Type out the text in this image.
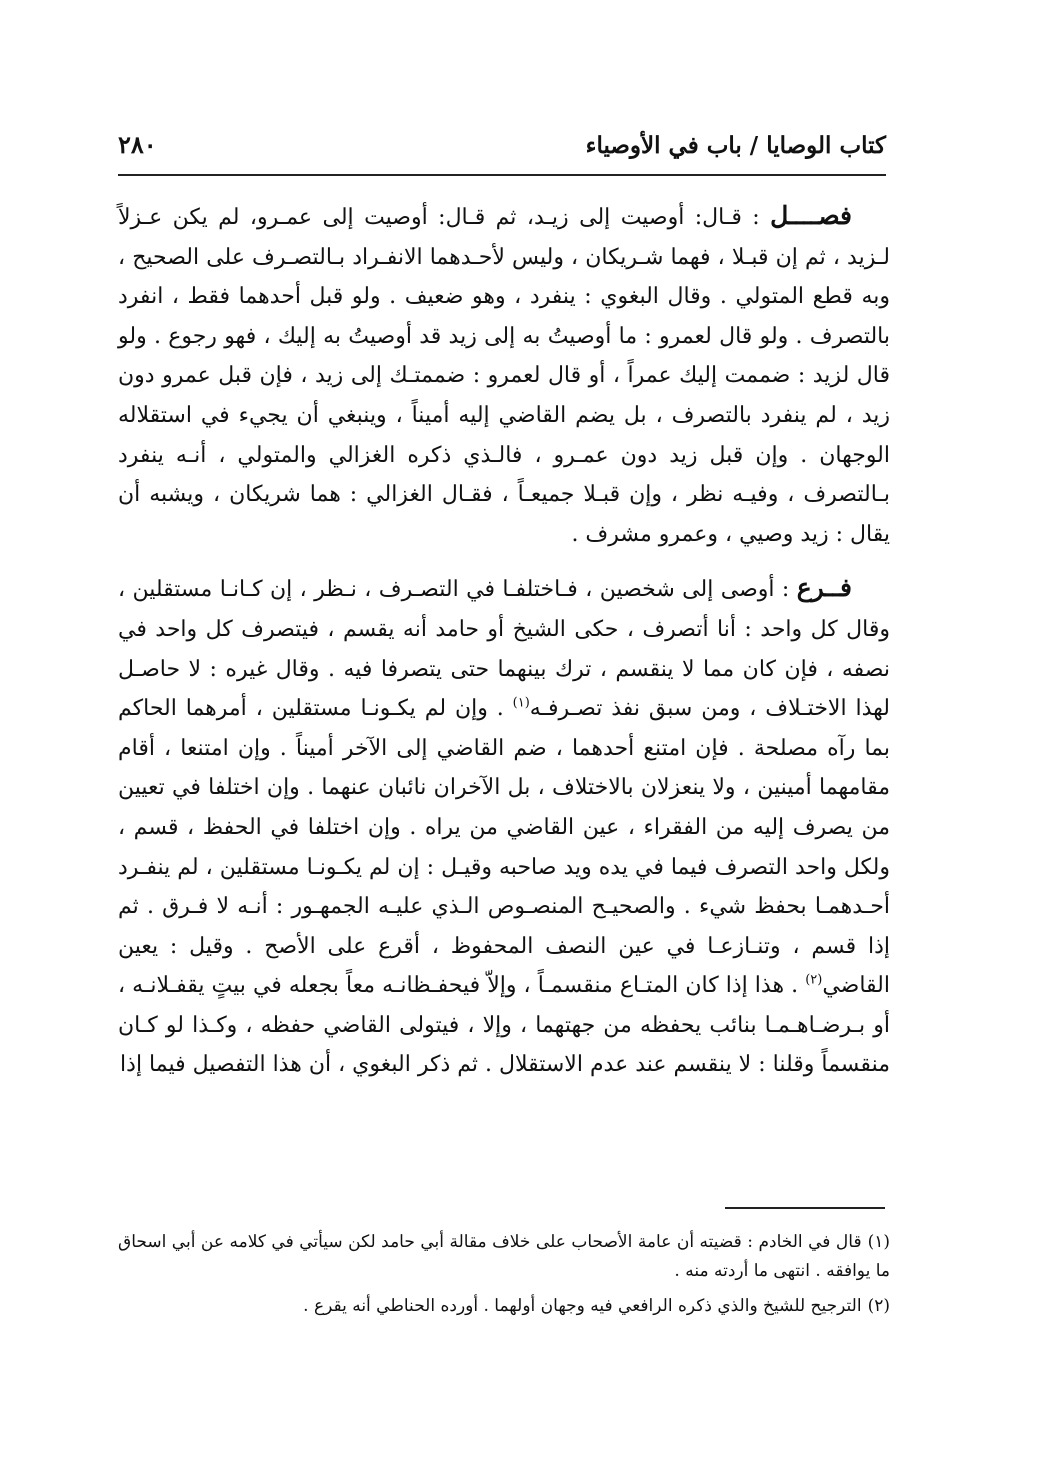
كتاب الوصايا / باب في الأوصياء
٢٨٠

فصــــل : قـال: أوصيت إلى زيـد، ثم قـال: أوصيت إلى عمـرو، لم يكن عـزلاً لـزيد ، ثم إن قبـلا ، فهما شـريكان ، وليس لأحـدهما الانفـراد بـالتصـرف على الصحيح ، وبه قطع المتولي . وقال البغوي : ينفرد ، وهو ضعيف . ولو قبل أحدهما فقط ، انفرد بالتصرف . ولو قال لعمرو : ما أوصيتُ به إلى زيد قد أوصيتُ به إليك ، فهو رجوع . ولو قال لزيد : ضممت إليك عمراً ، أو قال لعمرو : ضممتـك إلى زيد ، فإن قبل عمرو دون زيد ، لم ينفرد بالتصرف ، بل يضم القاضي إليه أميناً ، وينبغي أن يجيء في استقلاله الوجهان . وإن قبل زيد دون عمـرو ، فالـذي ذكره الغزالي والمتولي ، أنـه ينفرد بـالتصرف ، وفيـه نظر ، وإن قبـلا جميعـاً ، فقـال الغزالي : هما شريكان ، ويشبه أن يقال : زيد وصيي ، وعمرو مشرف .

فــرع : أوصى إلى شخصين ، فـاختلفـا في التصـرف ، نـظر ، إن كـانـا مستقلين ، وقال كل واحد : أنا أتصرف ، حكى الشيخ أو حامد أنه يقسم ، فيتصرف كل واحد في نصفه ، فإن كان مما لا ينقسم ، ترك بينهما حتى يتصرفا فيه . وقال غيره : لا حاصـل لهذا الاختـلاف ، ومن سبق نفذ تصـرفـه$^{(١)}$ . وإن لم يكـونـا مستقلين ، أمرهما الحاكم بما رآه مصلحة . فإن امتنع أحدهما ، ضم القاضي إلى الآخر أميناً . وإن امتنعا ، أقام مقامهما أمينين ، ولا ينعزلان بالاختلاف ، بل الآخران نائبان عنهما . وإن اختلفا في تعيين من يصرف إليه من الفقراء ، عين القاضي من يراه . وإن اختلفا في الحفظ ، قسم ، ولكل واحد التصرف فيما في يده ويد صاحبه وقيـل : إن لم يكـونـا مستقلين ، لم ينفـرد أحـدهمـا بحفظ شيء . والصحيـح المنصـوص الـذي عليـه الجمهـور : أنـه لا فـرق . ثم إذا قسم ، وتنـازعـا في عين النصف المحفوظ ، أقرع على الأصح . وقيل : يعين القاضي$^{(٢)}$ . هذا إذا كان المتـاع منقسمـاً ، وإلاّ فيحفـظانـه معاً بجعله في بيتٍ يقفـلانـه ، أو بـرضـاهـمـا بنائب يحفظه من جهتهما ، وإلا ، فيتولى القاضي حفظه ، وكـذا لو كـان منقسماً وقلنا : لا ينقسم عند عدم الاستقلال . ثم ذكر البغوي ، أن هذا التفصيل فيما إذا

(١)قال في الخادم : قضيته أن عامة الأصحاب على خلاف مقالة أبي حامد لكن سيأتي في كلامه عن أبي اسحاق ما يوافقه . انتهى ما أردته منه .

(٢)الترجيح للشيخ والذي ذكره الرافعي فيه وجهان أولهما . أورده الحناطي أنه يقرع .
